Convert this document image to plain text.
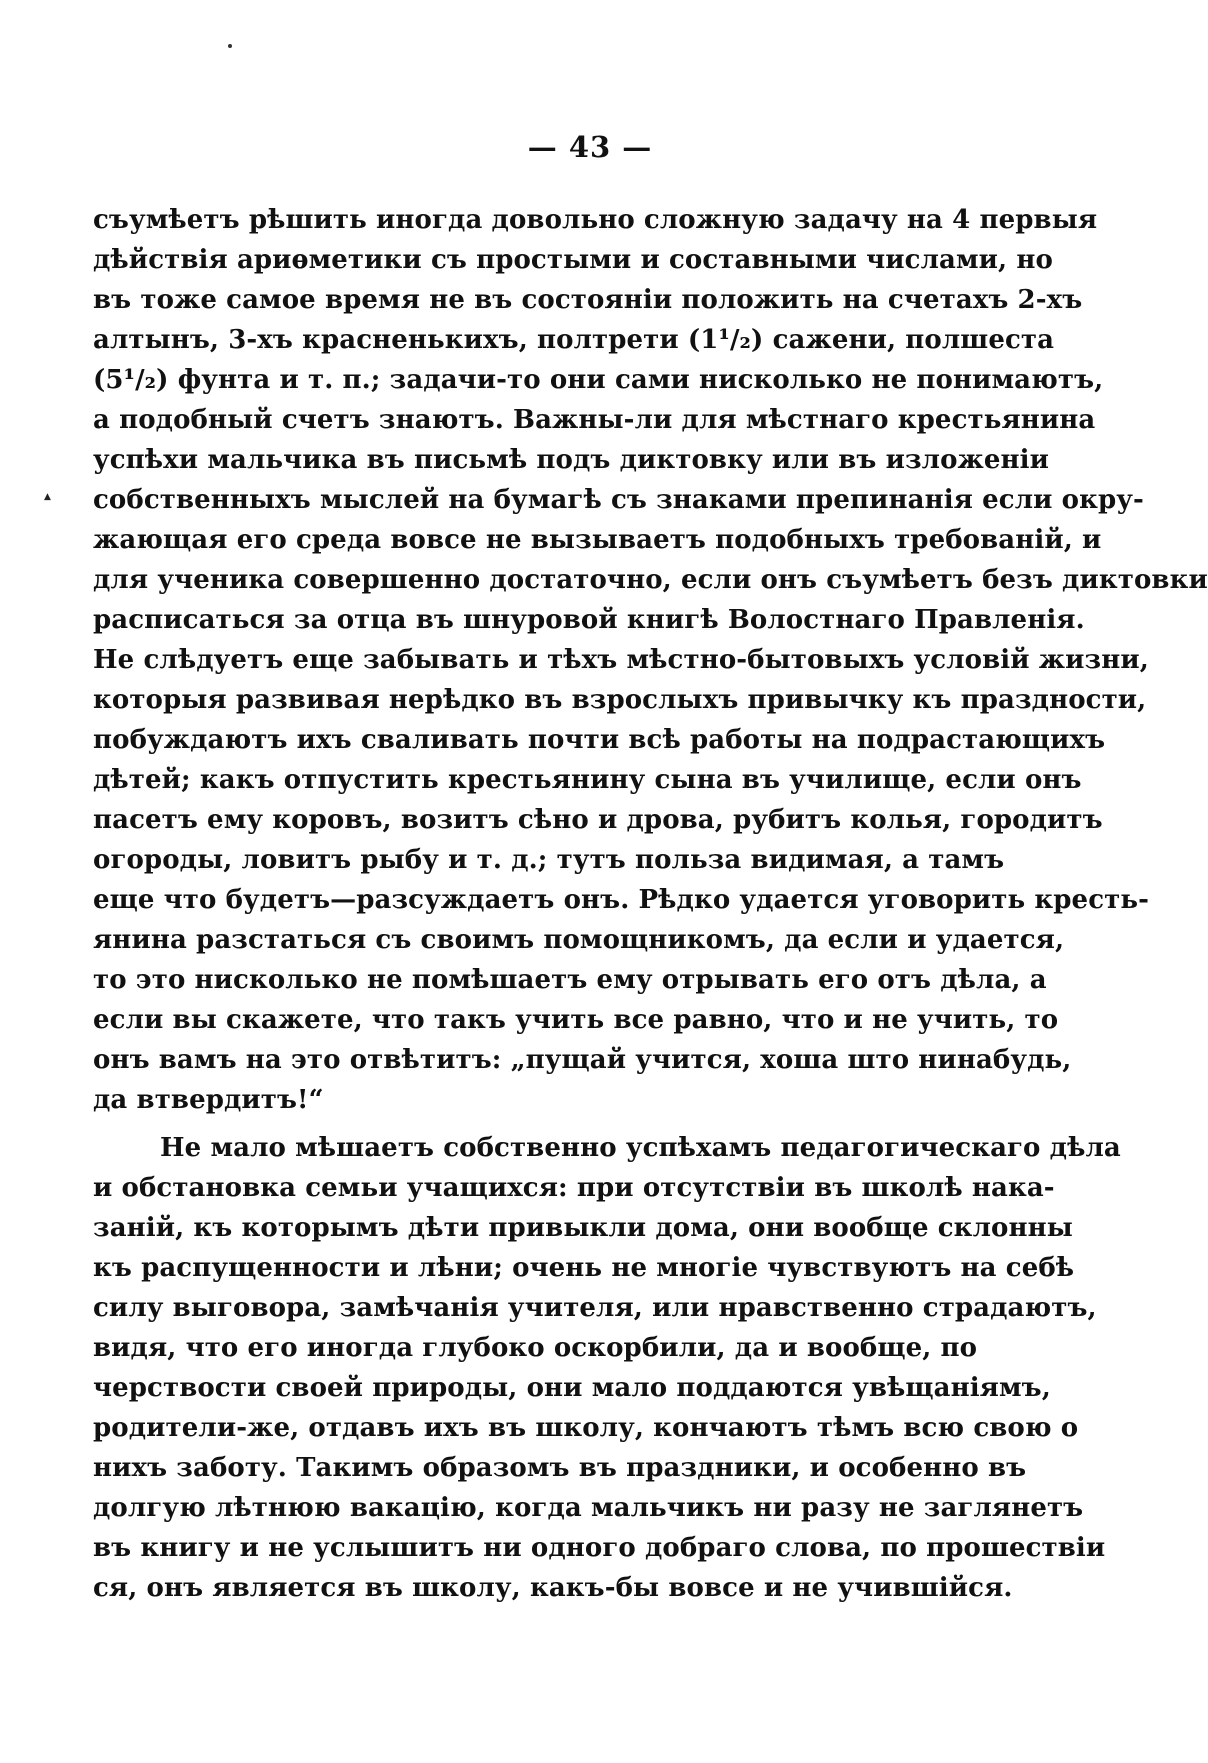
— 43 —
▲
съумѣетъ рѣшить иногда довольно сложную задачу на 4 первыя
дѣйствія ариѳметики съ простыми и составными числами, но
въ тоже самое время не въ состояніи положить на счетахъ 2-хъ
алтынъ, 3-хъ красненькихъ, полтрети (1¹/₂) сажени, полшеста
(5¹/₂) фунта и т. п.; задачи-то они сами нисколько не понимаютъ,
а подобный счетъ знаютъ. Важны-ли для мѣстнаго крестьянина
успѣхи мальчика въ письмѣ подъ диктовку или въ изложеніи
собственныхъ мыслей на бумагѣ съ знаками препинанія если окру-
жающая его среда вовсе не вызываетъ подобныхъ требованій, и
для ученика совершенно достаточно, если онъ съумѣетъ безъ диктовки
расписаться за отца въ шнуровой книгѣ Волостнаго Правленія.
Не слѣдуетъ еще забывать и тѣхъ мѣстно-бытовыхъ условій жизни,
которыя развивая нерѣдко въ взрослыхъ привычку къ праздности,
побуждаютъ ихъ сваливать почти всѣ работы на подрастающихъ
дѣтей; какъ отпустить крестьянину сына въ училище, если онъ
пасетъ ему коровъ, возитъ сѣно и дрова, рубитъ колья, городитъ
огороды, ловитъ рыбу и т. д.; тутъ польза видимая, а тамъ
еще что будетъ—разсуждаетъ онъ. Рѣдко удается уговорить кресть-
янина разстаться съ своимъ помощникомъ, да если и удается,
то это нисколько не помѣшаетъ ему отрывать его отъ дѣла, а
если вы скажете, что такъ учить все равно, что и не учить, то
онъ вамъ на это отвѣтитъ: „пущай учится, хоша што нинабудь,
да втвердитъ!“
Не мало мѣшаетъ собственно успѣхамъ педагогическаго дѣла
и обстановка семьи учащихся: при отсутствіи въ школѣ нака-
заній, къ которымъ дѣти привыкли дома, они вообще склонны
къ распущенности и лѣни; очень не многіе чувствуютъ на себѣ
силу выговора, замѣчанія учителя, или нравственно страдаютъ,
видя, что его иногда глубоко оскорбили, да и вообще, по
черствости своей природы, они мало поддаются увѣщаніямъ,
родители-же, отдавъ ихъ въ школу, кончаютъ тѣмъ всю свою о
нихъ заботу. Такимъ образомъ въ праздники, и особенно въ
долгую лѣтнюю вакацію, когда мальчикъ ни разу не заглянетъ
въ книгу и не услышитъ ни одного добраго слова, по прошествіи
ся, онъ является въ школу, какъ-бы вовсе и не учившійся.
